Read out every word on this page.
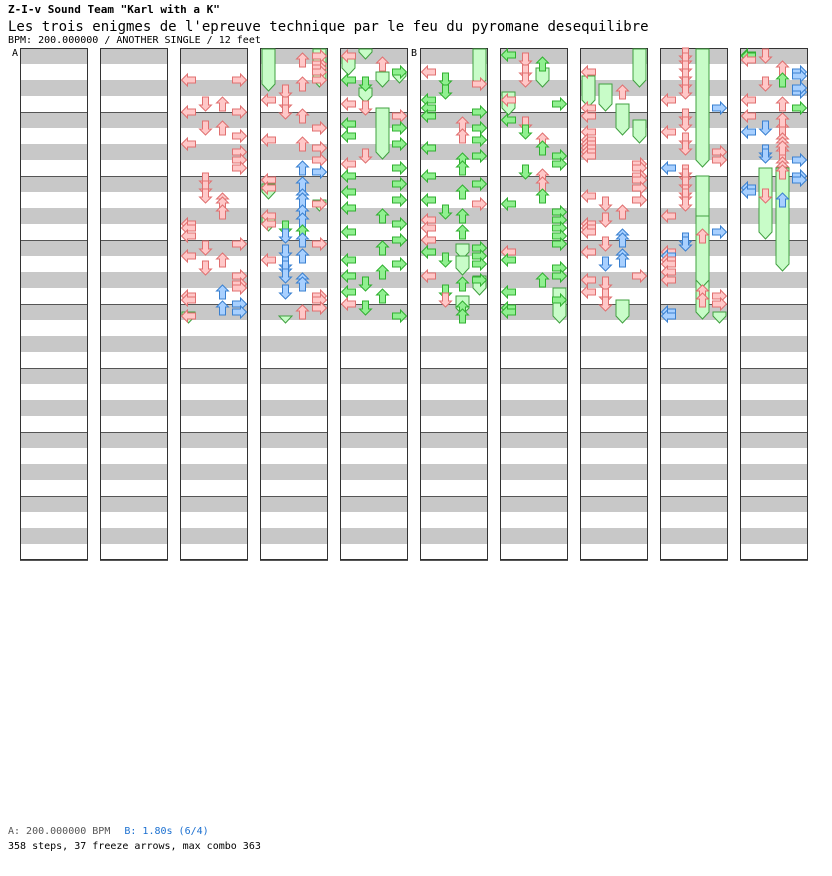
Z-I-v Sound Team "Karl with a K"
Les trois enigmes de l'epreuve technique par le feu du pyromane desequilibre
BPM: 200.000000 / ANOTHER SINGLE / 12 feet
A	B
A: 200.000000 BPM B: 1.80s (6/4)
358 steps, 37 freeze arrows, max combo 363
